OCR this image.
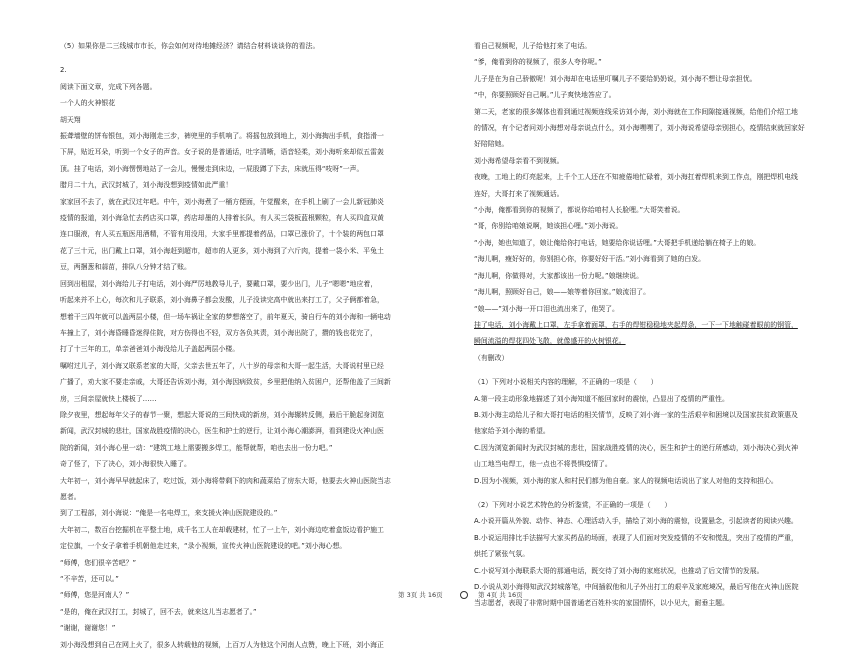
（5）如果你是二三线城市市长，你会如何对待地摊经济？请结合材料谈谈你的看法。

2.

阅读下面文章，完成下列各题。

一个人的火神银花

胡天翔

振聋墙壁的饼布银包，刘小海刚走三步，裤兜里的手机响了。将摇包放到地上，刘小海掏出手机，食指滑一

下屏，贴近耳朵，听到一个女子的声音。女子说的是普通话，吐字清晰，语音轻柔，刘小海听来却似五雷轰

顶。挂了电话，刘小海愣愣地站了一会儿，慢慢走到床边，一屁股蹲了下去，床就压得“吱呀”一声。

腊月二十九，武汉封城了，刘小海没想到疫情如此严重！

家家回不去了，就在武汉过年吧。中午，刘小海煮了一桶方便面，午觉醒来，在手机上刷了一会儿新冠肺炎

疫情的报道，刘小海急忙去药店买口罩，药店却墨的人排着长队，有人买三袋板蓝根颗粒，有人买四盒双黄

连口服液，有人买五瓶医用酒精，不管有用没用，大家手里都提着药品，口罩已涨价了，十个装的两包口罩

花了三十元，出门戴上口罩，刘小海赶到超市，超市的人更多，刘小海到了六斤肉，提着一袋小米、平兔土

豆，两捆葱和蒜苗，排队八分钟才结了账。

回到出租屋，刘小海给儿子打电话，刘小海严厉地教导儿子，要戴口罩，要少出门，儿子“嗯嗯”地应着，

听起来并不上心，每次和儿子联系，刘小海鼻子都会发酸，儿子没读完高中就出来打工了，父子俩都着急，

想着干三四年就可以盖两层小楼，但一场车祸让全家的梦想落空了，前年夏天，骑自行车的刘小海和一辆电动

车撞上了，刘小海昏睡昏迷得住院，对方伤得也不轻，双方各负其责，刘小海出院了，攒的钱也花完了，

打了十三年的工，单亲爸爸刘小海没给儿子盖起两层小楼。

嘱咐过儿子，刘小海又联系老家的大哥，父亲去世五年了，八十岁的母亲和大哥一起生活，大哥说村里已经

广播了，劝大家不要走亲戚，大哥还告诉刘小海，刘小海因病致贫，乡里把他纳入贫困户，还帮他盖了三间新

房，三间亲屋就快上楼板了……

除夕夜里，想起每年父子的春节一聚，想起大哥说的三间快成的新房，刘小海辗转反侧，最后干脆起身浏览

新闻，武汉封城的悲壮，国家战胜疫情的决心，医生和护士的逆行，让刘小海心潮澎湃，看到建设火神山医

院的新闻，刘小海心里一动：“建筑工地上需要搬多焊工，能帮就帮，咱也去出一份力吧。”

奇了怪了，下了决心，刘小海很快入睡了。

大年初一，刘小海早早就起床了，吃过饭，刘小海将带剩下的肉和蔬菜给了房东大哥，他要去火神山医院当志

愿者。

到了工程部，刘小海说：“俺是一名电焊工，来支援火神山医院建设的。”

大年初二，数百台挖掘机在平整土地，成千名工人在却载建材，忙了一上午，刘小海边吃着盒饭边看护施工

定位旗，一个女子拿着手机朝他走过来，“录小视频，宣传火神山医院建设的吧。”刘小海心想。

“师傅，您们很辛苦吧？”

“不辛苦，还可以。”

“师傅，您是河南人？”

“是的，俺在武汉打工，封城了，回不去，就来这儿当志愿者了。”

“谢谢，谢谢您！”

刘小海没想到自己在网上火了，很多人转载他的视频，上百万人为他这个河南人点赞，晚上下班，刘小海正

看自己视频呢，儿子给他打来了电话。

“爹，俺看到你的视频了，很多人夸你呢。”

儿子是在为自己骄傲呢！刘小海却在电话里叮嘱儿子不要给奶奶说，刘小海不想让母亲担忧。

“中，你要照顾好自己啊。”儿子爽快地答应了。

第二天，老家的很多媒体也看到通过视频连线采访刘小海，刘小海就在工作间隙接通视频，给他们介绍工地

的情况，有个记者问刘小海想对母亲说点什么，刘小海嘿嘿了，刘小海说希望母亲别担心，疫情结束就回家好

好陪陪她。

刘小海希望母亲看不到视频。

夜晚，工地上的灯亮起来，上千个工人还在不知疲倦地忙碌着，刘小海扛着焊机来到工作点，刚把焊机电线

连好，大哥打来了视频通话。

“小海，俺都看到你的视频了，都说你给咱村人长脸哩。”大哥笑着说。

“哥，你别给咱娘说啊，她该担心哩。”刘小海说。

“小海，她也知道了，娘让俺给你打电话，她要给你说话哩。”大哥把手机递给躺在椅子上的娘。

“海儿啊，瘦好好的，你别担心你，你要好好干活。”刘小海看到了她的白发。

“海儿啊，你做得对，大家都该出一份力呢。”娘继续说。

“海儿啊，照顾好自己，娘——娘等着你回家。”娘流泪了。

“娘——”刘小海一开口泪也流出来了，他哭了。

挂了电话，刘小海戴上口罩，左手拿着面罩，右手的焊钳稳稳地夹起焊条，一下一下地触碰着眼前的钢管，

瞬间流溢的焊花四处飞散，就像盛开的火树银花。

（有删改）

（1）下列对小说相关内容的理解，不正确的一项是（　　）

A.第一段主动形象地描述了刘小海知道不能回家时的震惊，凸显出了疫情的严重性。

B.刘小海主动给儿子和大哥打电话的相关情节，反映了刘小海一家的生活艰辛和困境以及国家扶贫政策惠及

他家给予刘小海的希望。

C.因为浏览新闻时为武汉封城的悲壮，国家战胜疫情的决心，医生和护士的逆行所感动，刘小海决心到火神

山工地当电焊工，他一点也不将畏惧疫情了。

D.因为小视频，刘小海的家人和村民们都为他自豪。家人的视频电话说出了家人对他的支持和担心。

（2）下列对小说艺术特色的分析鉴赏，不正确的一项是（　　）

A.小说开篇从外貌、动作、神态、心理活动入手，描绘了刘小海的震惊，设置悬念，引起读者的阅读兴趣。

B.小说运用排比手法描写大家买药品的场面，表现了人们面对突发疫情的不安和慌乱，突出了疫情的严重，

烘托了紧张气氛。

C.小说写刘小海联系大哥的那通电话，既交待了刘小海的家庭状况，也推动了后文情节的发展。

D.小说从刘小海得知武汉封城落笔，中间插叙他和儿子外出打工的艰辛及家庭境况，最后写他在火神山医院

当志愿者，表现了非常时期中国普通老百姓朴实的家国情怀，以小见大，耐垂主题。

第 3页 共 16页	第 4页 共 16页
